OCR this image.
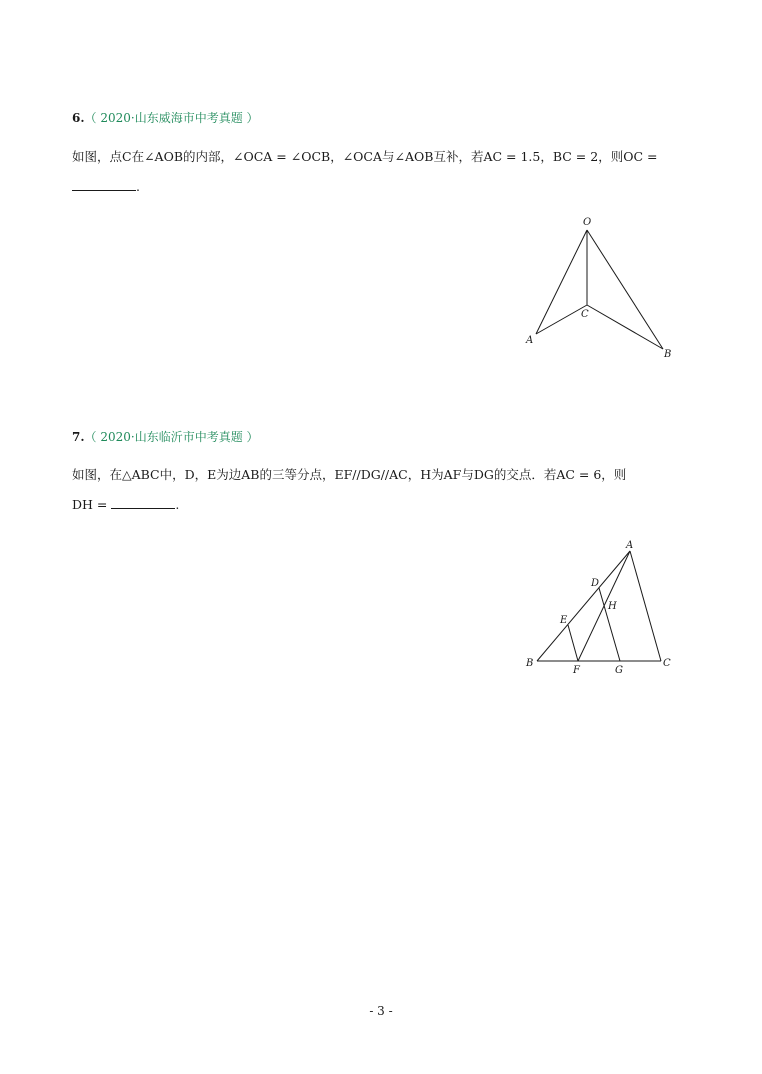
6.（ 2020·山东威海市中考真题 ）
如图，点C在∠AOB的内部，∠OCA = ∠OCB，∠OCA与∠AOB互补，若AC = 1.5，BC = 2，则OC =
.
O
A
B
C
7.（ 2020·山东临沂市中考真题 ）
如图，在△ABC中，D，E为边AB的三等分点，EF//DG//AC，H为AF与DG的交点．若AC = 6，则
DH =	.
A
B	C
D
E
F	G
H
- 3 -
